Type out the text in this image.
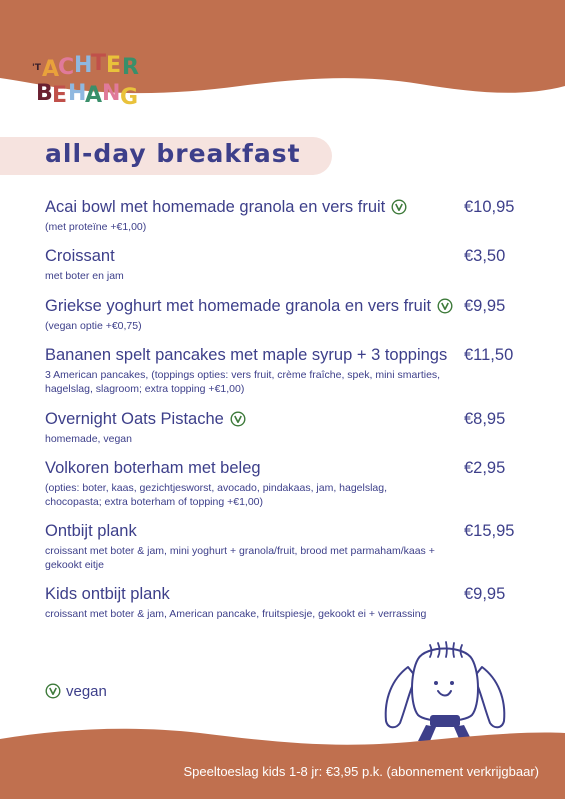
'T A
C H
T E R
B E H
A N G
all-day breakfast
Acai bowl met homemade granola en vers fruit
(met proteïne +€1,00)
€10,95
Croissant
met boter en jam
€3,50
Griekse yoghurt met homemade granola en vers fruit
(vegan optie +€0,75)
€9,95
Bananen spelt pancakes met maple syrup + 3 toppings
3 American pancakes, (toppings opties: vers fruit, crème fraîche, spek, mini smarties, hagelslag, slagroom; extra topping +€1,00)
€11,50
Overnight Oats Pistache
homemade, vegan
€8,95
Volkoren boterham met beleg
(opties: boter, kaas, gezichtjesworst, avocado, pindakaas, jam, hagelslag, chocopasta; extra boterham of topping +€1,00)
€2,95
Ontbijt plank
croissant met boter & jam, mini yoghurt + granola/fruit, brood met parmaham/kaas + gekookt eitje
€15,95
Kids ontbijt plank
croissant met boter & jam, American pancake, fruitspiesje, gekookt ei + verrassing
€9,95
vegan
Speeltoeslag kids 1-8 jr: €3,95 p.k. (abonnement verkrijgbaar)
